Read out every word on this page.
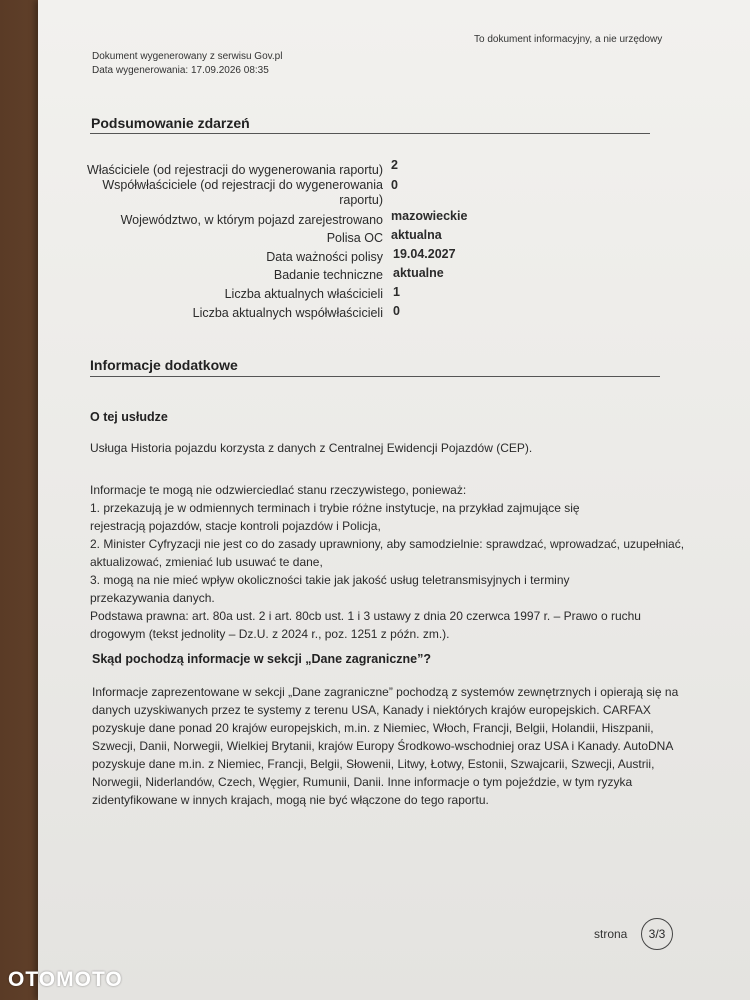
Dokument wygenerowany z serwisu Gov.pl
Data wygenerowania: 17.09.2026 08:35
To dokument informacyjny, a nie urzędowy
Podsumowanie zdarzeń
Właściciele (od rejestracji do wygenerowania raportu)
Współwłaściciele (od rejestracji do wygenerowania
raportu)
Województwo, w którym pojazd zarejestrowano
Polisa OC
Data ważności polisy
Badanie techniczne
Liczba aktualnych właścicieli
Liczba aktualnych współwłaścicieli
2
0
mazowieckie
aktualna
19.04.2027
aktualne
1
0
Informacje dodatkowe
O tej usłudze
Usługa Historia pojazdu korzysta z danych z Centralnej Ewidencji Pojazdów (CEP).
Informacje te mogą nie odzwierciedlać stanu rzeczywistego, ponieważ:
1. przekazują je w odmiennych terminach i trybie różne instytucje, na przykład zajmujące się
rejestracją pojazdów, stacje kontroli pojazdów i Policja,
2. Minister Cyfryzacji nie jest co do zasady uprawniony, aby samodzielnie: sprawdzać, wprowadzać, uzupełniać,
aktualizować, zmieniać lub usuwać te dane,
3. mogą na nie mieć wpływ okoliczności takie jak jakość usług teletransmisyjnych i terminy
przekazywania danych.
Podstawa prawna: art. 80a ust. 2 i art. 80cb ust. 1 i 3 ustawy z dnia 20 czerwca 1997 r. – Prawo o ruchu
drogowym (tekst jednolity – Dz.U. z 2024 r., poz. 1251 z późn. zm.).
Skąd pochodzą informacje w sekcji „Dane zagraniczne”?
Informacje zaprezentowane w sekcji „Dane zagraniczne” pochodzą z systemów zewnętrznych i opierają się na
danych uzyskiwanych przez te systemy z terenu USA, Kanady i niektórych krajów europejskich. CARFAX
pozyskuje dane ponad 20 krajów europejskich, m.in. z Niemiec, Włoch, Francji, Belgii, Holandii, Hiszpanii,
Szwecji, Danii, Norwegii, Wielkiej Brytanii, krajów Europy Środkowo-wschodniej oraz USA i Kanady. AutoDNA
pozyskuje dane m.in. z Niemiec, Francji, Belgii, Słowenii, Litwy, Łotwy, Estonii, Szwajcarii, Szwecji, Austrii,
Norwegii, Niderlandów, Czech, Węgier, Rumunii, Danii. Inne informacje o tym pojeździe, w tym ryzyka
zidentyfikowane w innych krajach, mogą nie być włączone do tego raportu.
strona	3/3
OTOMOTO
